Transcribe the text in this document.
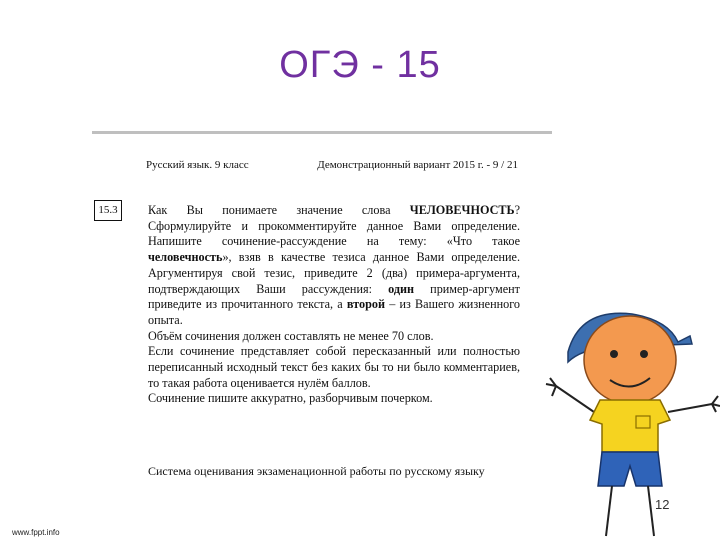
ОГЭ - 15
Русский язык. 9 класс	Демонстрационный вариант 2015 г. - 9 / 21
15.3	Как Вы понимаете значение слова ЧЕЛОВЕЧНОСТЬ? Сформулируйте и прокомментируйте данное Вами определение. Напишите сочинение-рассуждение на тему: «Что такое человечность», взяв в качестве тезиса данное Вами определение. Аргументируя свой тезис, приведите 2 (два) примера-аргумента, подтверждающих Ваши рассуждения: один пример-аргумент приведите из прочитанного текста, а второй – из Вашего жизненного опыта.

Объём сочинения должен составлять не менее 70 слов.

Если сочинение представляет собой пересказанный или полностью переписанный исходный текст без каких бы то ни было комментариев, то такая работа оценивается нулём баллов.

Сочинение пишите аккуратно, разборчивым почерком.

Система оценивания экзаменационной работы по русскому языку
12
www.fppt.info
